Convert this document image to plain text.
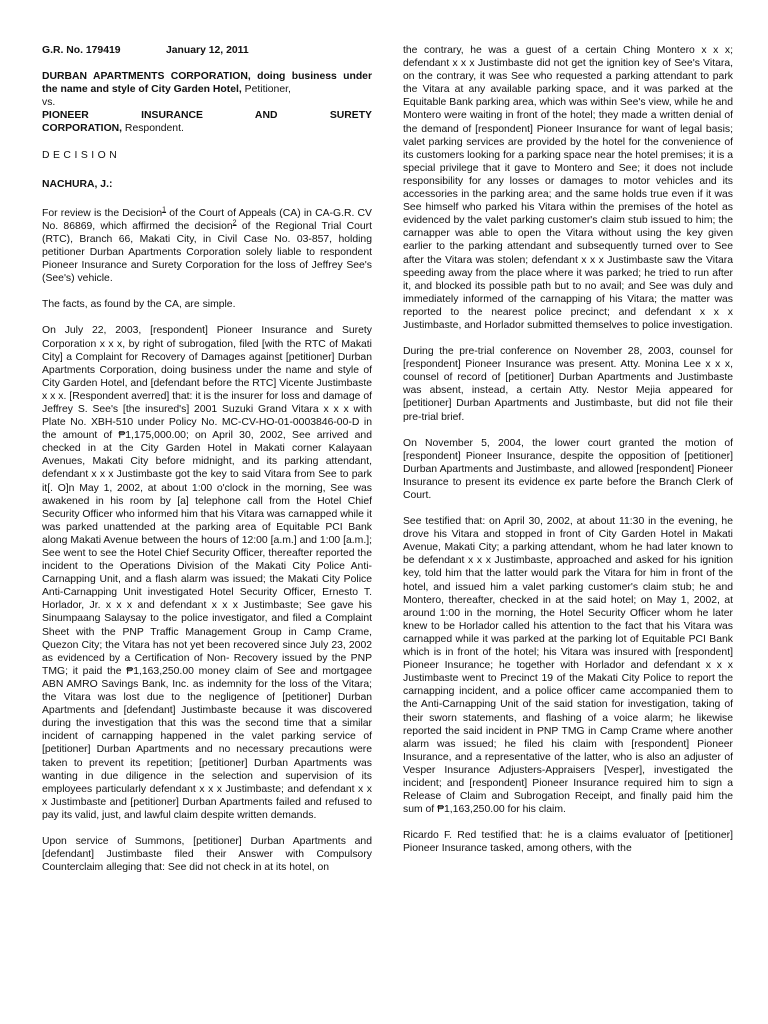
G.R. No. 179419	January 12, 2011
DURBAN APARTMENTS CORPORATION, doing business under the name and style of City Garden Hotel, Petitioner,
vs.
PIONEER INSURANCE AND SURETY
CORPORATION, Respondent.
DECISION
NACHURA, J.:

For review is the Decision$^1$ of the Court of Appeals (CA) in CA-G.R. CV No. 86869, which affirmed the decision$^2$ of the Regional Trial Court (RTC), Branch 66, Makati City, in Civil Case No. 03-857, holding petitioner Durban Apartments Corporation solely liable to respondent Pioneer Insurance and Surety Corporation for the loss of Jeffrey See's (See's) vehicle.

The facts, as found by the CA, are simple.

On July 22, 2003, [respondent] Pioneer Insurance and Surety Corporation x x x, by right of subrogation, filed [with the RTC of Makati City] a Complaint for Recovery of Damages against [petitioner] Durban Apartments Corporation, doing business under the name and style of City Garden Hotel, and [defendant before the RTC] Vicente Justimbaste x x x. [Respondent averred] that: it is the insurer for loss and damage of Jeffrey S. See's [the insured's] 2001 Suzuki Grand Vitara x x x with Plate No. XBH-510 under Policy No. MC-CV-HO-01-0003846-00-D in the amount of ₱1,175,000.00; on April 30, 2002, See arrived and checked in at the City Garden Hotel in Makati corner Kalayaan Avenues, Makati City before midnight, and its parking attendant, defendant x x x Justimbaste got the key to said Vitara from See to park it[. O]n May 1, 2002, at about 1:00 o'clock in the morning, See was awakened in his room by [a] telephone call from the Hotel Chief Security Officer who informed him that his Vitara was carnapped while it was parked unattended at the parking area of Equitable PCI Bank along Makati Avenue between the hours of 12:00 [a.m.] and 1:00 [a.m.]; See went to see the Hotel Chief Security Officer, thereafter reported the incident to the Operations Division of the Makati City Police Anti-Carnapping Unit, and a flash alarm was issued; the Makati City Police Anti-Carnapping Unit investigated Hotel Security Officer, Ernesto T. Horlador, Jr. x x x and defendant x x x Justimbaste; See gave his Sinumpaang Salaysay to the police investigator, and filed a Complaint Sheet with the PNP Traffic Management Group in Camp Crame, Quezon City; the Vitara has not yet been recovered since July 23, 2002 as evidenced by a Certification of Non- Recovery issued by the PNP TMG; it paid the ₱1,163,250.00 money claim of See and mortgagee ABN AMRO Savings Bank, Inc. as indemnity for the loss of the Vitara; the Vitara was lost due to the negligence of [petitioner] Durban Apartments and [defendant] Justimbaste because it was discovered during the investigation that this was the second time that a similar incident of carnapping happened in the valet parking service of [petitioner] Durban Apartments and no necessary precautions were taken to prevent its repetition; [petitioner] Durban Apartments was wanting in due diligence in the selection and supervision of its employees particularly defendant x x x Justimbaste; and defendant x x x Justimbaste and [petitioner] Durban Apartments failed and refused to pay its valid, just, and lawful claim despite written demands.

Upon service of Summons, [petitioner] Durban Apartments and [defendant] Justimbaste filed their Answer with Compulsory Counterclaim alleging that: See did not check in at its hotel, on

the contrary, he was a guest of a certain Ching Montero x x x; defendant x x x Justimbaste did not get the ignition key of See's Vitara, on the contrary, it was See who requested a parking attendant to park the Vitara at any available parking space, and it was parked at the Equitable Bank parking area, which was within See's view, while he and Montero were waiting in front of the hotel; they made a written denial of the demand of [respondent] Pioneer Insurance for want of legal basis; valet parking services are provided by the hotel for the convenience of its customers looking for a parking space near the hotel premises; it is a special privilege that it gave to Montero and See; it does not include responsibility for any losses or damages to motor vehicles and its accessories in the parking area; and the same holds true even if it was See himself who parked his Vitara within the premises of the hotel as evidenced by the valet parking customer's claim stub issued to him; the carnapper was able to open the Vitara without using the key given earlier to the parking attendant and subsequently turned over to See after the Vitara was stolen; defendant x x x Justimbaste saw the Vitara speeding away from the place where it was parked; he tried to run after it, and blocked its possible path but to no avail; and See was duly and immediately informed of the carnapping of his Vitara; the matter was reported to the nearest police precinct; and defendant x x x Justimbaste, and Horlador submitted themselves to police investigation.

During the pre-trial conference on November 28, 2003, counsel for [respondent] Pioneer Insurance was present. Atty. Monina Lee x x x, counsel of record of [petitioner] Durban Apartments and Justimbaste was absent, instead, a certain Atty. Nestor Mejia appeared for [petitioner] Durban Apartments and Justimbaste, but did not file their pre-trial brief.

On November 5, 2004, the lower court granted the motion of [respondent] Pioneer Insurance, despite the opposition of [petitioner] Durban Apartments and Justimbaste, and allowed [respondent] Pioneer Insurance to present its evidence ex parte before the Branch Clerk of Court.

See testified that: on April 30, 2002, at about 11:30 in the evening, he drove his Vitara and stopped in front of City Garden Hotel in Makati Avenue, Makati City; a parking attendant, whom he had later known to be defendant x x x Justimbaste, approached and asked for his ignition key, told him that the latter would park the Vitara for him in front of the hotel, and issued him a valet parking customer's claim stub; he and Montero, thereafter, checked in at the said hotel; on May 1, 2002, at around 1:00 in the morning, the Hotel Security Officer whom he later knew to be Horlador called his attention to the fact that his Vitara was carnapped while it was parked at the parking lot of Equitable PCI Bank which is in front of the hotel; his Vitara was insured with [respondent] Pioneer Insurance; he together with Horlador and defendant x x x Justimbaste went to Precinct 19 of the Makati City Police to report the carnapping incident, and a police officer came accompanied them to the Anti-Carnapping Unit of the said station for investigation, taking of their sworn statements, and flashing of a voice alarm; he likewise reported the said incident in PNP TMG in Camp Crame where another alarm was issued; he filed his claim with [respondent] Pioneer Insurance, and a representative of the latter, who is also an adjuster of Vesper Insurance Adjusters-Appraisers [Vesper], investigated the incident; and [respondent] Pioneer Insurance required him to sign a Release of Claim and Subrogation Receipt, and finally paid him the sum of ₱1,163,250.00 for his claim.

Ricardo F. Red testified that: he is a claims evaluator of [petitioner] Pioneer Insurance tasked, among others, with the
